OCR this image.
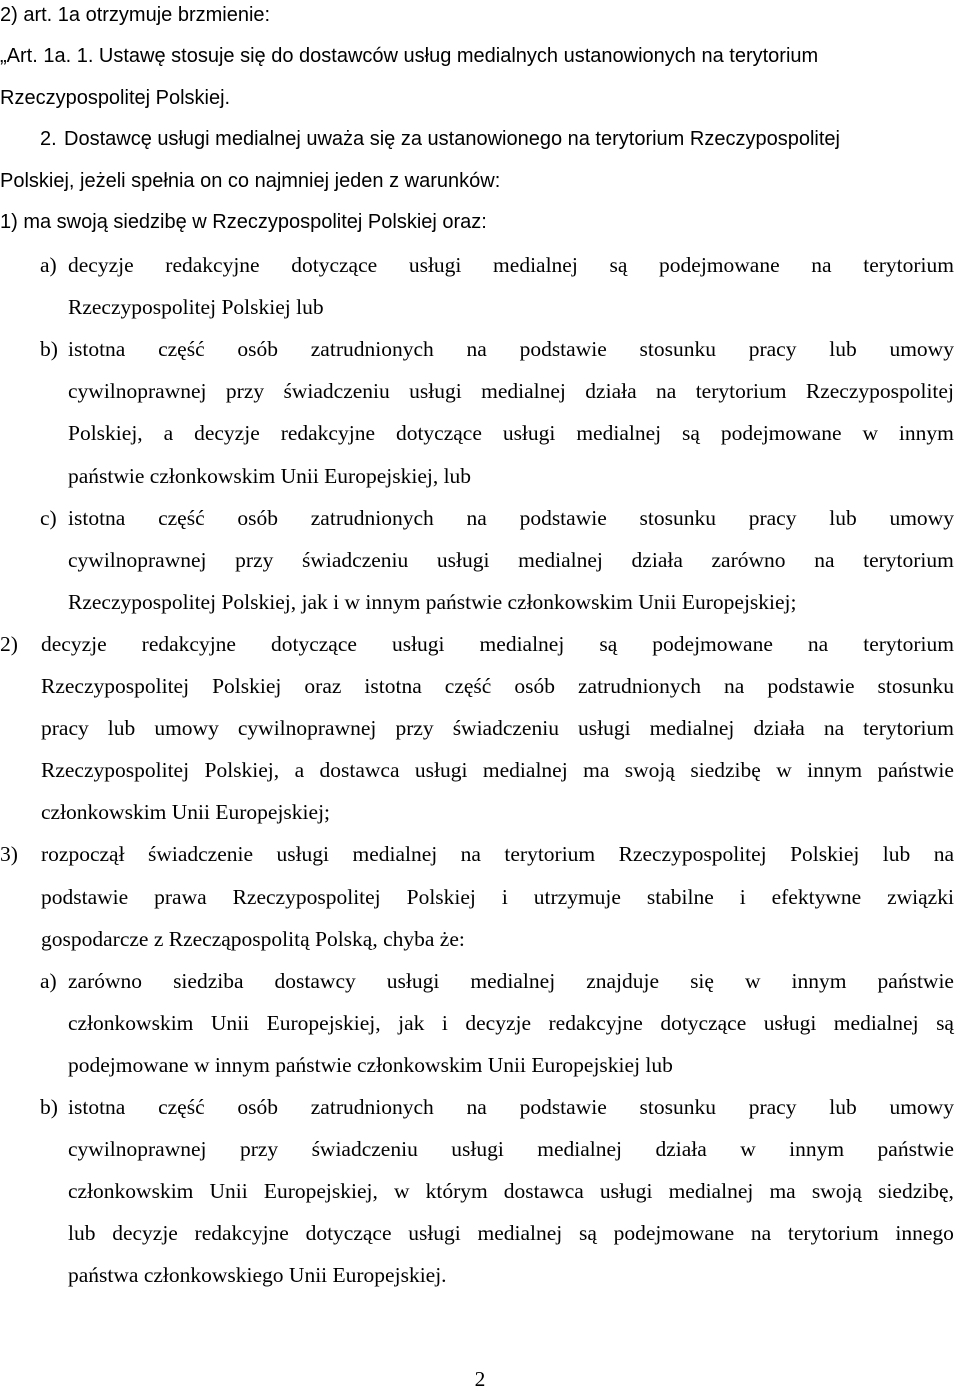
2) art. 1a otrzymuje brzmienie:
„Art. 1a. 1. Ustawę stosuje się do dostawców usług medialnych ustanowionych na terytorium
Rzeczypospolitej Polskiej.
2. Dostawcę usługi medialnej uważa się za ustanowionego na terytorium Rzeczypospolitej
Polskiej, jeżeli spełnia on co najmniej jeden z warunków:
1) ma swoją siedzibę w Rzeczypospolitej Polskiej oraz:
a) decyzje redakcyjne dotyczące usługi medialnej są podejmowane na terytorium
Rzeczypospolitej Polskiej lub
b) istotna część osób zatrudnionych na podstawie stosunku pracy lub umowy
cywilnoprawnej przy świadczeniu usługi medialnej działa na terytorium Rzeczypospolitej
Polskiej, a decyzje redakcyjne dotyczące usługi medialnej są podejmowane w innym
państwie członkowskim Unii Europejskiej, lub
c) istotna część osób zatrudnionych na podstawie stosunku pracy lub umowy
cywilnoprawnej przy świadczeniu usługi medialnej działa zarówno na terytorium
Rzeczypospolitej Polskiej, jak i w innym państwie członkowskim Unii Europejskiej;
2) decyzje redakcyjne dotyczące usługi medialnej są podejmowane na terytorium
Rzeczypospolitej Polskiej oraz istotna część osób zatrudnionych na podstawie stosunku
pracy lub umowy cywilnoprawnej przy świadczeniu usługi medialnej działa na terytorium
Rzeczypospolitej Polskiej, a dostawca usługi medialnej ma swoją siedzibę w innym państwie
członkowskim Unii Europejskiej;
3) rozpoczął świadczenie usługi medialnej na terytorium Rzeczypospolitej Polskiej lub na
podstawie prawa Rzeczypospolitej Polskiej i utrzymuje stabilne i efektywne związki
gospodarcze z Rzecząpospolitą Polską, chyba że:
a) zarówno siedziba dostawcy usługi medialnej znajduje się w innym państwie
członkowskim Unii Europejskiej, jak i decyzje redakcyjne dotyczące usługi medialnej są
podejmowane w innym państwie członkowskim Unii Europejskiej lub
b) istotna część osób zatrudnionych na podstawie stosunku pracy lub umowy
cywilnoprawnej przy świadczeniu usługi medialnej działa w innym państwie
członkowskim Unii Europejskiej, w którym dostawca usługi medialnej ma swoją siedzibę,
lub decyzje redakcyjne dotyczące usługi medialnej są podejmowane na terytorium innego
państwa członkowskiego Unii Europejskiej.
2
